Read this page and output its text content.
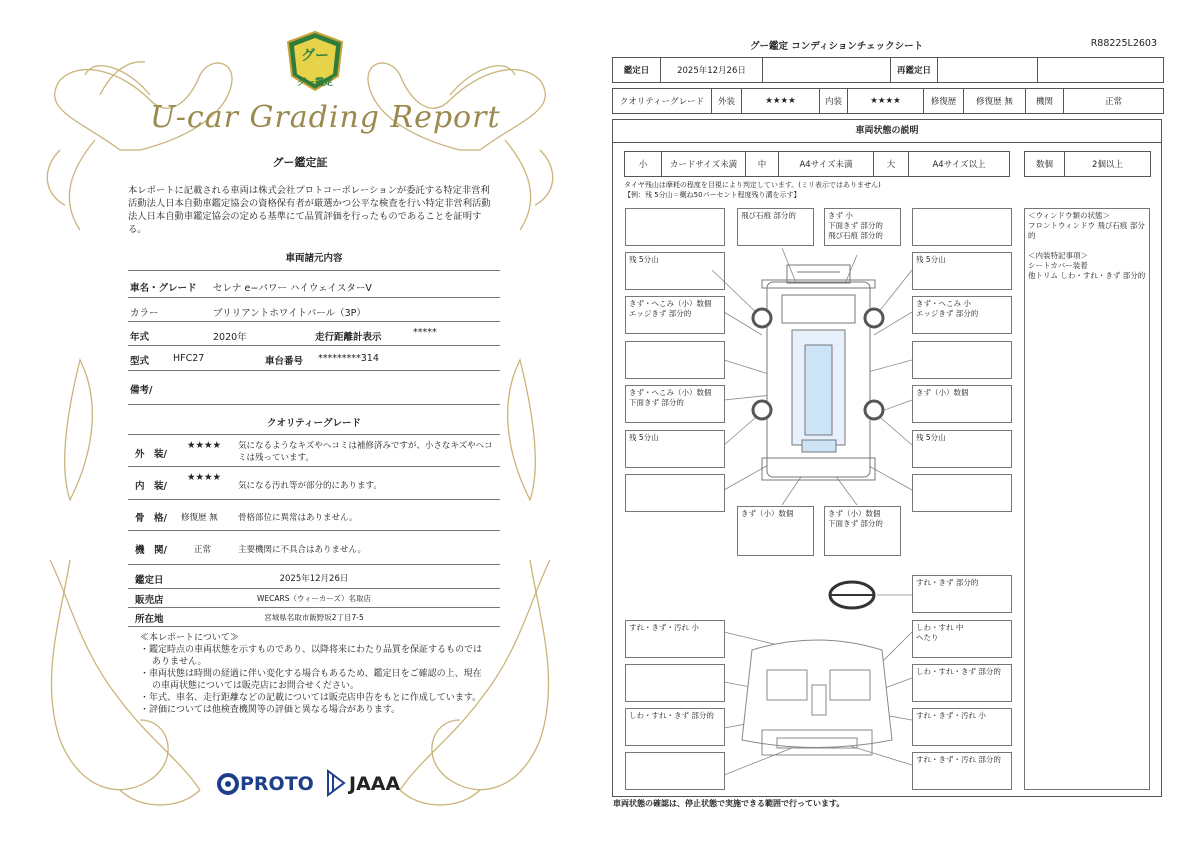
グー
グー鑑定
U-car Grading Report
グー鑑定証
本レポートに記載される車両は株式会社プロトコーポレーションが委託する特定非営利活動法人日本自動車鑑定協会の資格保有者が厳選かつ公平な検査を行い特定非営利活動法人日本自動車鑑定協会の定める基準にて品質評価を行ったものであることを証明する。
車両諸元内容
車名・グレード セレナ e−パワー ハイウェイスターV
カラー	ブリリアントホワイトパール（3P）
年式	2020年	走行距離計表示	*****
型式	HFC27	車台番号 *********314
備考/
クオリティーグレード
外　装/
★★★★ 気になるようなキズやヘコミは補修済みですが、小さなキズやヘコミは残っています。
内　装/
★★★★
気になる汚れ等が部分的にあります。
骨　格/ 修復歴 無 骨格部位に異常はありません。
機　関/	正常	主要機関に不具合はありません。
鑑定日	2025年12月26日
販売店	WECARS（ウィーカーズ）名取店
所在地	宮城県名取市飯野坂2丁目7-5
≪本レポートについて≫
・鑑定時点の車両状態を示すものであり、以降将来にわたり品質を保証するものではありません。
・車両状態は時間の経過に伴い変化する場合もあるため、鑑定日をご確認の上、現在の車両状態については販売店にお問合せください。
・年式、車名、走行距離などの記載については販売店申告をもとに作成しています。
・評価については他検査機関等の評価と異なる場合があります。
PROTO JAAA
グー鑑定 コンディションチェックシート	R88225L2603
鑑定日	2025年12月26日	再鑑定日
クオリティーグレード	外装	★★★★	内装	★★★★	修復歴	修復歴 無	機関	正常
車両状態の説明
小	カードサイズ未満	中	A4サイズ未満	大	A4サイズ以上	数個	2個以上
タイヤ残山は摩耗の程度を目視により判定しています。(ミリ表示ではありません)
【例：残 5分山＝概ね50パーセント程度残り溝を示す】
飛び石痕 部分的	きず 小
下面きず 部分的
飛び石痕 部分的
残 5分山	残 5分山
きず・へこみ（小）数個
エッジきず 部分的
きず・へこみ 小
エッジきず 部分的
きず・へこみ（小）数個
下面きず 部分的
きず（小）数個
残 5分山	残 5分山
きず（小）数個	きず（小）数個
下面きず 部分的
すれ・きず 部分的
すれ・きず・汚れ 小	しわ・すれ 中
へたり
しわ・すれ・きず 部分的
しわ・すれ・きず 部分的	すれ・きず・汚れ 小
すれ・きず・汚れ 部分的
＜ウィンドウ類の状態＞
フロントウィンドウ 飛び石痕 部分的

＜内装特記事項＞
シートカバー装着
他トリム しわ・すれ・きず 部分的
車両状態の確認は、停止状態で実施できる範囲で行っています。
